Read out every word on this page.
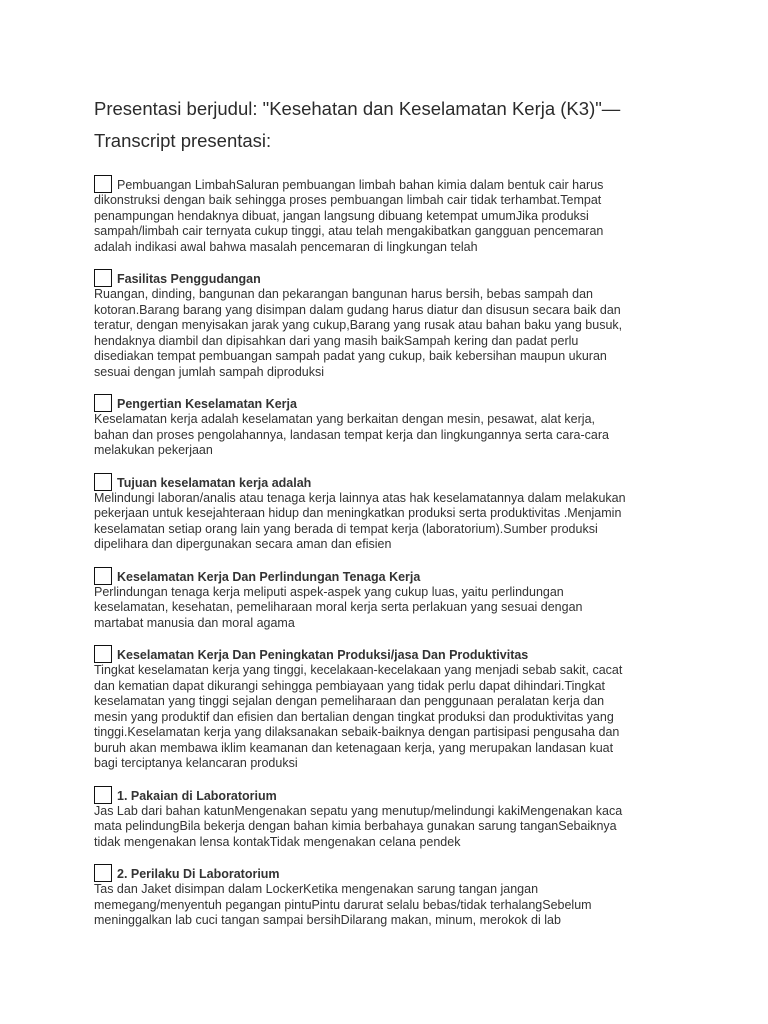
Presentasi berjudul: "Kesehatan dan Keselamatan Kerja (K3)"—
Transcript presentasi:
Pembuangan LimbahSaluran pembuangan limbah bahan kimia dalam bentuk cair harus

dikonstruksi dengan baik sehingga proses pembuangan limbah cair tidak terhambat.Tempat
penampungan hendaknya dibuat, jangan langsung dibuang ketempat umumJika produksi
sampah/limbah cair ternyata cukup tinggi, atau telah mengakibatkan gangguan pencemaran
adalah indikasi awal bahwa masalah pencemaran di lingkungan telah

Fasilitas Penggudangan

Ruangan, dinding, bangunan dan pekarangan bangunan harus bersih, bebas sampah dan
kotoran.Barang barang yang disimpan dalam gudang harus diatur dan disusun secara baik dan
teratur, dengan menyisakan jarak yang cukup,Barang yang rusak atau bahan baku yang busuk,
hendaknya diambil dan dipisahkan dari yang masih baikSampah kering dan padat perlu
disediakan tempat pembuangan sampah padat yang cukup, baik kebersihan maupun ukuran
sesuai dengan jumlah sampah diproduksi

Pengertian Keselamatan Kerja

Keselamatan kerja adalah keselamatan yang berkaitan dengan mesin, pesawat, alat kerja,
bahan dan proses pengolahannya, landasan tempat kerja dan lingkungannya serta cara-cara
melakukan pekerjaan

Tujuan keselamatan kerja adalah

Melindungi laboran/analis atau tenaga kerja lainnya atas hak keselamatannya dalam melakukan
pekerjaan untuk kesejahteraan hidup dan meningkatkan produksi serta produktivitas .Menjamin
keselamatan setiap orang lain yang berada di tempat kerja (laboratorium).Sumber produksi
dipelihara dan dipergunakan secara aman dan efisien

Keselamatan Kerja Dan Perlindungan Tenaga Kerja

Perlindungan tenaga kerja meliputi aspek-aspek yang cukup luas, yaitu perlindungan
keselamatan, kesehatan, pemeliharaan moral kerja serta perlakuan yang sesuai dengan
martabat manusia dan moral agama

Keselamatan Kerja Dan Peningkatan Produksi/jasa Dan Produktivitas

Tingkat keselamatan kerja yang tinggi, kecelakaan-kecelakaan yang menjadi sebab sakit, cacat
dan kematian dapat dikurangi sehingga pembiayaan yang tidak perlu dapat dihindari.Tingkat
keselamatan yang tinggi sejalan dengan pemeliharaan dan penggunaan peralatan kerja dan
mesin yang produktif dan efisien dan bertalian dengan tingkat produksi dan produktivitas yang
tinggi.Keselamatan kerja yang dilaksanakan sebaik-baiknya dengan partisipasi pengusaha dan
buruh akan membawa iklim keamanan dan ketenagaan kerja, yang merupakan landasan kuat
bagi terciptanya kelancaran produksi

1. Pakaian di Laboratorium

Jas Lab dari bahan katunMengenakan sepatu yang menutup/melindungi kakiMengenakan kaca
mata pelindungBila bekerja dengan bahan kimia berbahaya gunakan sarung tanganSebaiknya
tidak mengenakan lensa kontakTidak mengenakan celana pendek

2. Perilaku Di Laboratorium

Tas dan Jaket disimpan dalam LockerKetika mengenakan sarung tangan jangan
memegang/menyentuh pegangan pintuPintu darurat selalu bebas/tidak terhalangSebelum
meninggalkan lab cuci tangan sampai bersihDilarang makan, minum, merokok di lab
